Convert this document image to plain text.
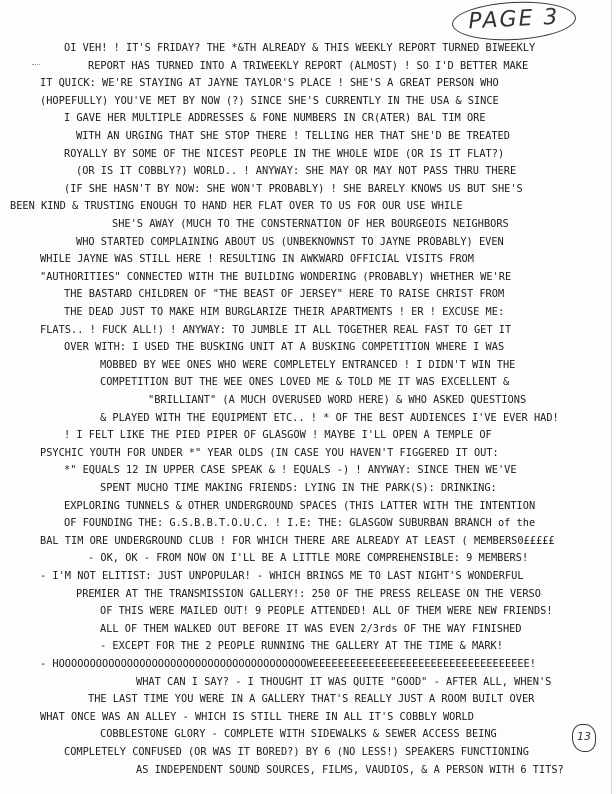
PAGE 3
OI VEH! ! IT'S FRIDAY? THE *&TH ALREADY & THIS WEEKLY REPORT TURNED BIWEEKLY
REPORT HAS TURNED INTO A TRIWEEKLY REPORT (ALMOST) ! SO I'D BETTER MAKE
IT QUICK: WE'RE STAYING AT JAYNE TAYLOR'S PLACE ! SHE'S A GREAT PERSON WHO
(HOPEFULLY) YOU'VE MET BY NOW (?) SINCE SHE'S CURRENTLY IN THE USA & SINCE
I GAVE HER MULTIPLE ADDRESSES & FONE NUMBERS IN CR(ATER) BAL TIM ORE
WITH AN URGING THAT SHE STOP THERE ! TELLING HER THAT SHE'D BE TREATED
ROYALLY BY SOME OF THE NICEST PEOPLE IN THE WHOLE WIDE (OR IS IT FLAT?)
(OR IS IT COBBLY?) WORLD.. ! ANYWAY: SHE MAY OR MAY NOT PASS THRU THERE
(IF SHE HASN'T BY NOW: SHE WON'T PROBABLY) ! SHE BARELY KNOWS US BUT SHE'S
BEEN KIND & TRUSTING ENOUGH TO HAND HER FLAT OVER TO US FOR OUR USE WHILE
SHE'S AWAY (MUCH TO THE CONSTERNATION OF HER BOURGEOIS NEIGHBORS
WHO STARTED COMPLAINING ABOUT US (UNBEKNOWNST TO JAYNE PROBABLY) EVEN
WHILE JAYNE WAS STILL HERE ! RESULTING IN AWKWARD OFFICIAL VISITS FROM
"AUTHORITIES" CONNECTED WITH THE BUILDING WONDERING (PROBABLY) WHETHER WE'RE
THE BASTARD CHILDREN OF "THE BEAST OF JERSEY" HERE TO RAISE CHRIST FROM
THE DEAD JUST TO MAKE HIM BURGLARIZE THEIR APARTMENTS ! ER ! EXCUSE ME:
FLATS.. ! FUCK ALL!) ! ANYWAY: TO JUMBLE IT ALL TOGETHER REAL FAST TO GET IT
OVER WITH: I USED THE BUSKING UNIT AT A BUSKING COMPETITION WHERE I WAS
MOBBED BY WEE ONES WHO WERE COMPLETELY ENTRANCED ! I DIDN'T WIN THE
COMPETITION BUT THE WEE ONES LOVED ME & TOLD ME IT WAS EXCELLENT &
"BRILLIANT" (A MUCH OVERUSED WORD HERE) & WHO ASKED QUESTIONS
& PLAYED WITH THE EQUIPMENT ETC.. ! * OF THE BEST AUDIENCES I'VE EVER HAD!
! I FELT LIKE THE PIED PIPER OF GLASGOW ! MAYBE I'LL OPEN A TEMPLE OF
PSYCHIC YOUTH FOR UNDER *" YEAR OLDS (IN CASE YOU HAVEN'T FIGGERED IT OUT:
*" EQUALS 12 IN UPPER CASE SPEAK & ! EQUALS -) ! ANYWAY: SINCE THEN WE'VE
SPENT MUCHO TIME MAKING FRIENDS: LYING IN THE PARK(S): DRINKING:
EXPLORING TUNNELS & OTHER UNDERGROUND SPACES (THIS LATTER WITH THE INTENTION
OF FOUNDING THE: G.S.B.B.T.O.U.C. ! I.E: THE: GLASGOW SUBURBAN BRANCH of the
BAL TIM ORE UNDERGROUND CLUB ! FOR WHICH THERE ARE ALREADY AT LEAST ( MEMBERS0£££££
- OK, OK - FROM NOW ON I'LL BE A LITTLE MORE COMPREHENSIBLE: 9 MEMBERS!
- I'M NOT ELITIST: JUST UNPOPULAR! - WHICH BRINGS ME TO LAST NIGHT'S WONDERFUL
PREMIER AT THE TRANSMISSION GALLERY!: 250 OF THE PRESS RELEASE ON THE VERSO
OF THIS WERE MAILED OUT! 9 PEOPLE ATTENDED! ALL OF THEM WERE NEW FRIENDS!
ALL OF THEM WALKED OUT BEFORE IT WAS EVEN 2/3rds OF THE WAY FINISHED
- EXCEPT FOR THE 2 PEOPLE RUNNING THE GALLERY AT THE TIME & MARK!
- HOOOOOOOOOOOOOOOOOOOOOOOOOOOOOOOOOOOOOOOOWEEEEEEEEEEEEEEEEEEEEEEEEEEEEEEEEEEE!
WHAT CAN I SAY? - I THOUGHT IT WAS QUITE "GOOD" - AFTER ALL, WHEN'S
THE LAST TIME YOU WERE IN A GALLERY THAT'S REALLY JUST A ROOM BUILT OVER
WHAT ONCE WAS AN ALLEY - WHICH IS STILL THERE IN ALL IT'S COBBLY WORLD
COBBLESTONE GLORY - COMPLETE WITH SIDEWALKS & SEWER ACCESS BEING
COMPLETELY CONFUSED (OR WAS IT BORED?) BY 6 (NO LESS!) SPEAKERS FUNCTIONING
AS INDEPENDENT SOUND SOURCES, FILMS, VAUDIOS, & A PERSON WITH 6 TITS?
13
